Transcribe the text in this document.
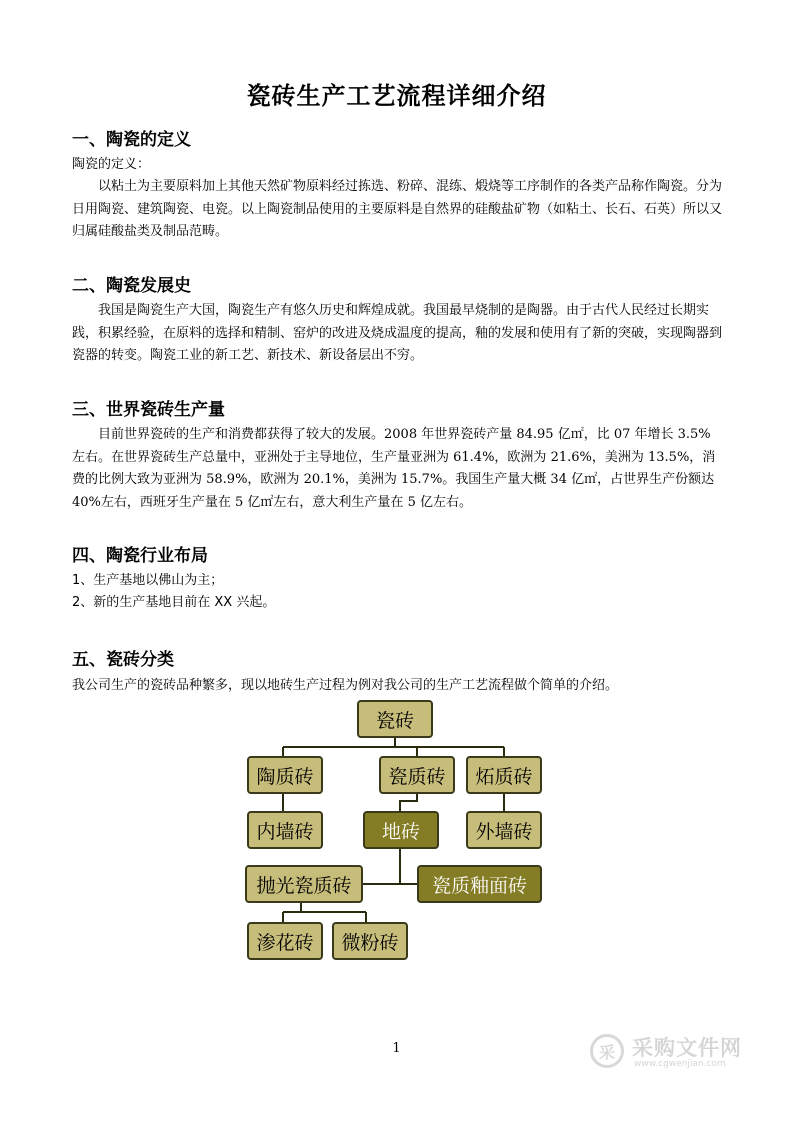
瓷砖生产工艺流程详细介绍
一、陶瓷的定义
陶瓷的定义：
以粘土为主要原料加上其他天然矿物原料经过拣选、粉碎、混练、煅烧等工序制作的各类产品称作陶瓷。分为日用陶瓷、建筑陶瓷、电瓷。以上陶瓷制品使用的主要原料是自然界的硅酸盐矿物（如粘土、长石、石英）所以又归属硅酸盐类及制品范畴。
二、陶瓷发展史
我国是陶瓷生产大国，陶瓷生产有悠久历史和辉煌成就。我国最早烧制的是陶器。由于古代人民经过长期实践，积累经验，在原料的选择和精制、窑炉的改进及烧成温度的提高，釉的发展和使用有了新的突破，实现陶器到瓷器的转变。陶瓷工业的新工艺、新技术、新设备层出不穷。
三、世界瓷砖生产量
目前世界瓷砖的生产和消费都获得了较大的发展。2008 年世界瓷砖产量 84.95 亿㎡，比 07 年增长 3.5%左右。在世界瓷砖生产总量中，亚洲处于主导地位，生产量亚洲为 61.4%，欧洲为 21.6%，美洲为 13.5%，消费的比例大致为亚洲为 58.9%，欧洲为 20.1%，美洲为 15.7%。我国生产量大概 34 亿㎡，占世界生产份额达 40%左右，西班牙生产量在 5 亿㎡左右，意大利生产量在 5 亿左右。
四、陶瓷行业布局
1、生产基地以佛山为主；
2、新的生产基地目前在 XX 兴起。
五、瓷砖分类
我公司生产的瓷砖品种繁多，现以地砖生产过程为例对我公司的生产工艺流程做个简单的介绍。
瓷砖
陶质砖	瓷质砖	炻质砖
内墙砖	地砖	外墙砖
抛光瓷质砖	瓷质釉面砖
渗花砖	微粉砖
1	采 采购文件网
www.cgwenjian.com
